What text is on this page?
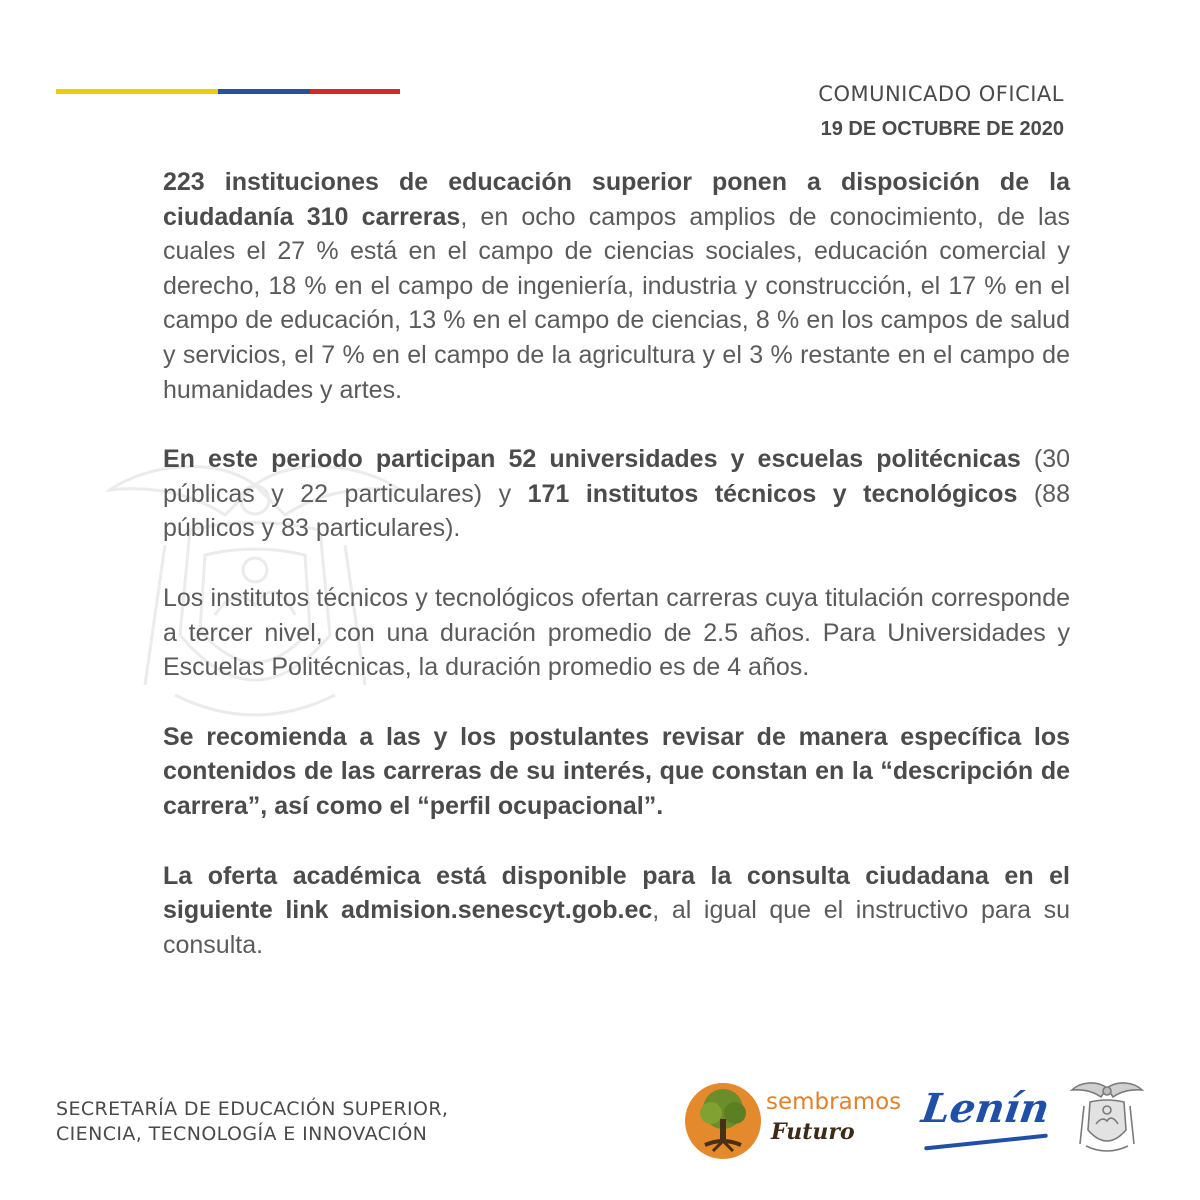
COMUNICADO OFICIAL
19 DE OCTUBRE DE 2020

223 instituciones de educación superior ponen a disposición de la ciudadanía 310 carreras, en ocho campos amplios de conocimiento, de las cuales el 27 % está en el campo de ciencias sociales, educación comercial y derecho, 18 % en el campo de ingeniería, industria y construcción, el 17 % en el campo de educación, 13 % en el campo de ciencias, 8 % en los campos de salud y servicios, el 7 % en el campo de la agricultura y el 3 % restante en el campo de humanidades y artes.

En este periodo participan 52 universidades y escuelas politécnicas (30 públicas y 22 particulares) y 171 institutos técnicos y tecnológicos (88 públicos y 83 particulares).

Los institutos técnicos y tecnológicos ofertan carreras cuya titulación corresponde a tercer nivel, con una duración promedio de 2.5 años. Para Universidades y Escuelas Politécnicas, la duración promedio es de 4 años.

Se recomienda a las y los postulantes revisar de manera específica los contenidos de las carreras de su interés, que constan en la “descripción de carrera”, así como el “perfil ocupacional”.

La oferta académica está disponible para la consulta ciudadana en el siguiente link admision.senescyt.gob.ec, al igual que el instructivo para su consulta.

SECRETARÍA DE EDUCACIÓN SUPERIOR,
CIENCIA, TECNOLOGÍA E INNOVACIÓN
sembramos
Futuro Lenín
